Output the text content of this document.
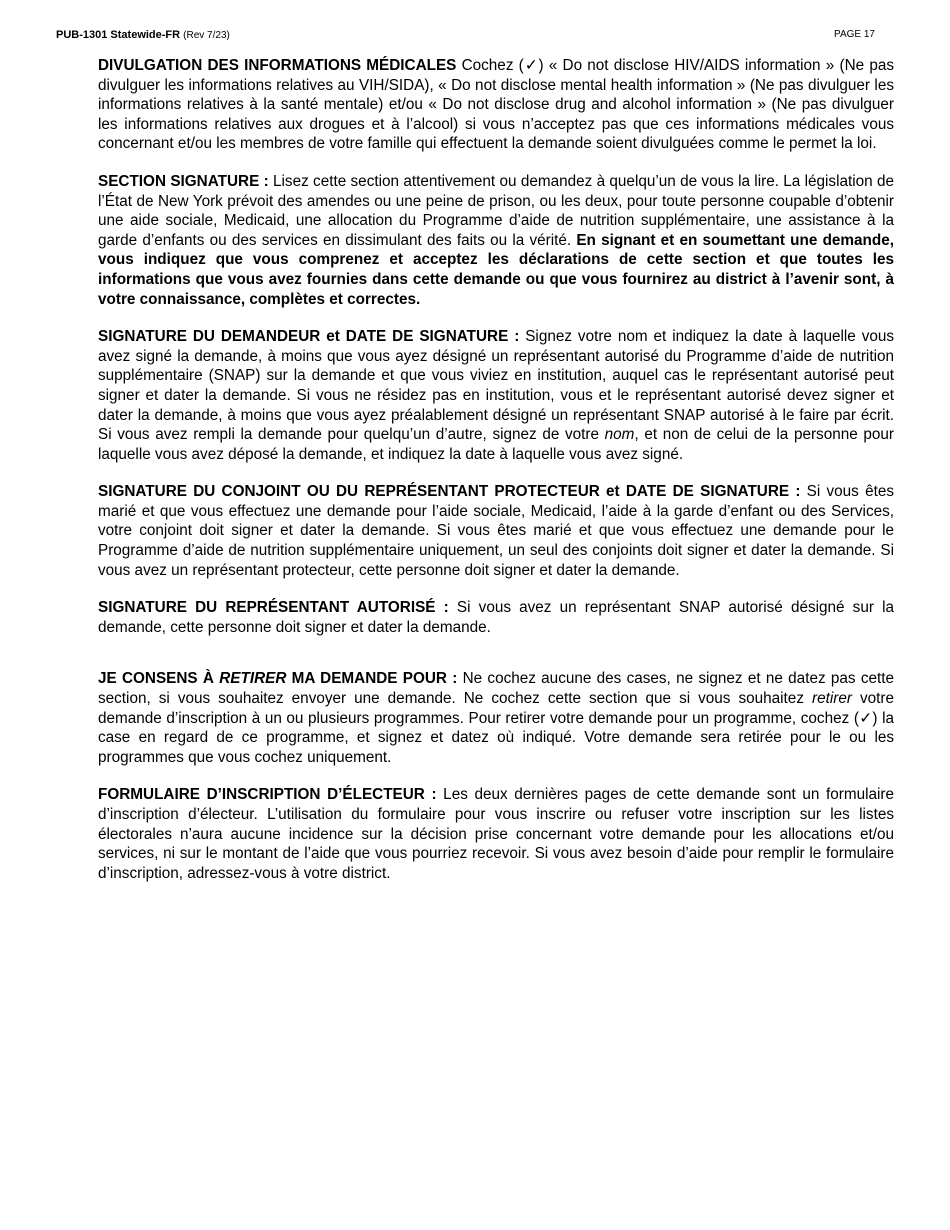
PUB-1301 Statewide-FR (Rev 7/23)	PAGE 17

DIVULGATION DES INFORMATIONS MÉDICALES Cochez (✓) « Do not disclose HIV/AIDS information » (Ne pas divulguer les informations relatives au VIH/SIDA), « Do not disclose mental health information » (Ne pas divulguer les informations relatives à la santé mentale) et/ou « Do not disclose drug and alcohol information » (Ne pas divulguer les informations relatives aux drogues et à l’alcool) si vous n’acceptez pas que ces informations médicales vous concernant et/ou les membres de votre famille qui effectuent la demande soient divulguées comme le permet la loi.

SECTION SIGNATURE : Lisez cette section attentivement ou demandez à quelqu’un de vous la lire. La législation de l’État de New York prévoit des amendes ou une peine de prison, ou les deux, pour toute personne coupable d’obtenir une aide sociale, Medicaid, une allocation du Programme d’aide de nutrition supplémentaire, une assistance à la garde d’enfants ou des services en dissimulant des faits ou la vérité. En signant et en soumettant une demande, vous indiquez que vous comprenez et acceptez les déclarations de cette section et que toutes les informations que vous avez fournies dans cette demande ou que vous fournirez au district à l’avenir sont, à votre connaissance, complètes et correctes.

SIGNATURE DU DEMANDEUR et DATE DE SIGNATURE : Signez votre nom et indiquez la date à laquelle vous avez signé la demande, à moins que vous ayez désigné un représentant autorisé du Programme d’aide de nutrition supplémentaire (SNAP) sur la demande et que vous viviez en institution, auquel cas le représentant autorisé peut signer et dater la demande. Si vous ne résidez pas en institution, vous et le représentant autorisé devez signer et dater la demande, à moins que vous ayez préalablement désigné un représentant SNAP autorisé à le faire par écrit. Si vous avez rempli la demande pour quelqu’un d’autre, signez de votre nom, et non de celui de la personne pour laquelle vous avez déposé la demande, et indiquez la date à laquelle vous avez signé.

SIGNATURE DU CONJOINT OU DU REPRÉSENTANT PROTECTEUR et DATE DE SIGNATURE : Si vous êtes marié et que vous effectuez une demande pour l’aide sociale, Medicaid, l’aide à la garde d’enfant ou des Services, votre conjoint doit signer et dater la demande. Si vous êtes marié et que vous effectuez une demande pour le Programme d’aide de nutrition supplémentaire uniquement, un seul des conjoints doit signer et dater la demande. Si vous avez un représentant protecteur, cette personne doit signer et dater la demande.

SIGNATURE DU REPRÉSENTANT AUTORISÉ : Si vous avez un représentant SNAP autorisé désigné sur la demande, cette personne doit signer et dater la demande.

JE CONSENS À RETIRER MA DEMANDE POUR : Ne cochez aucune des cases, ne signez et ne datez pas cette section, si vous souhaitez envoyer une demande. Ne cochez cette section que si vous souhaitez retirer votre demande d’inscription à un ou plusieurs programmes. Pour retirer votre demande pour un programme, cochez (✓) la case en regard de ce programme, et signez et datez où indiqué. Votre demande sera retirée pour le ou les programmes que vous cochez uniquement.

FORMULAIRE D’INSCRIPTION D’ÉLECTEUR : Les deux dernières pages de cette demande sont un formulaire d’inscription d’électeur. L’utilisation du formulaire pour vous inscrire ou refuser votre inscription sur les listes électorales n’aura aucune incidence sur la décision prise concernant votre demande pour les allocations et/ou services, ni sur le montant de l’aide que vous pourriez recevoir. Si vous avez besoin d’aide pour remplir le formulaire d’inscription, adressez-vous à votre district.
